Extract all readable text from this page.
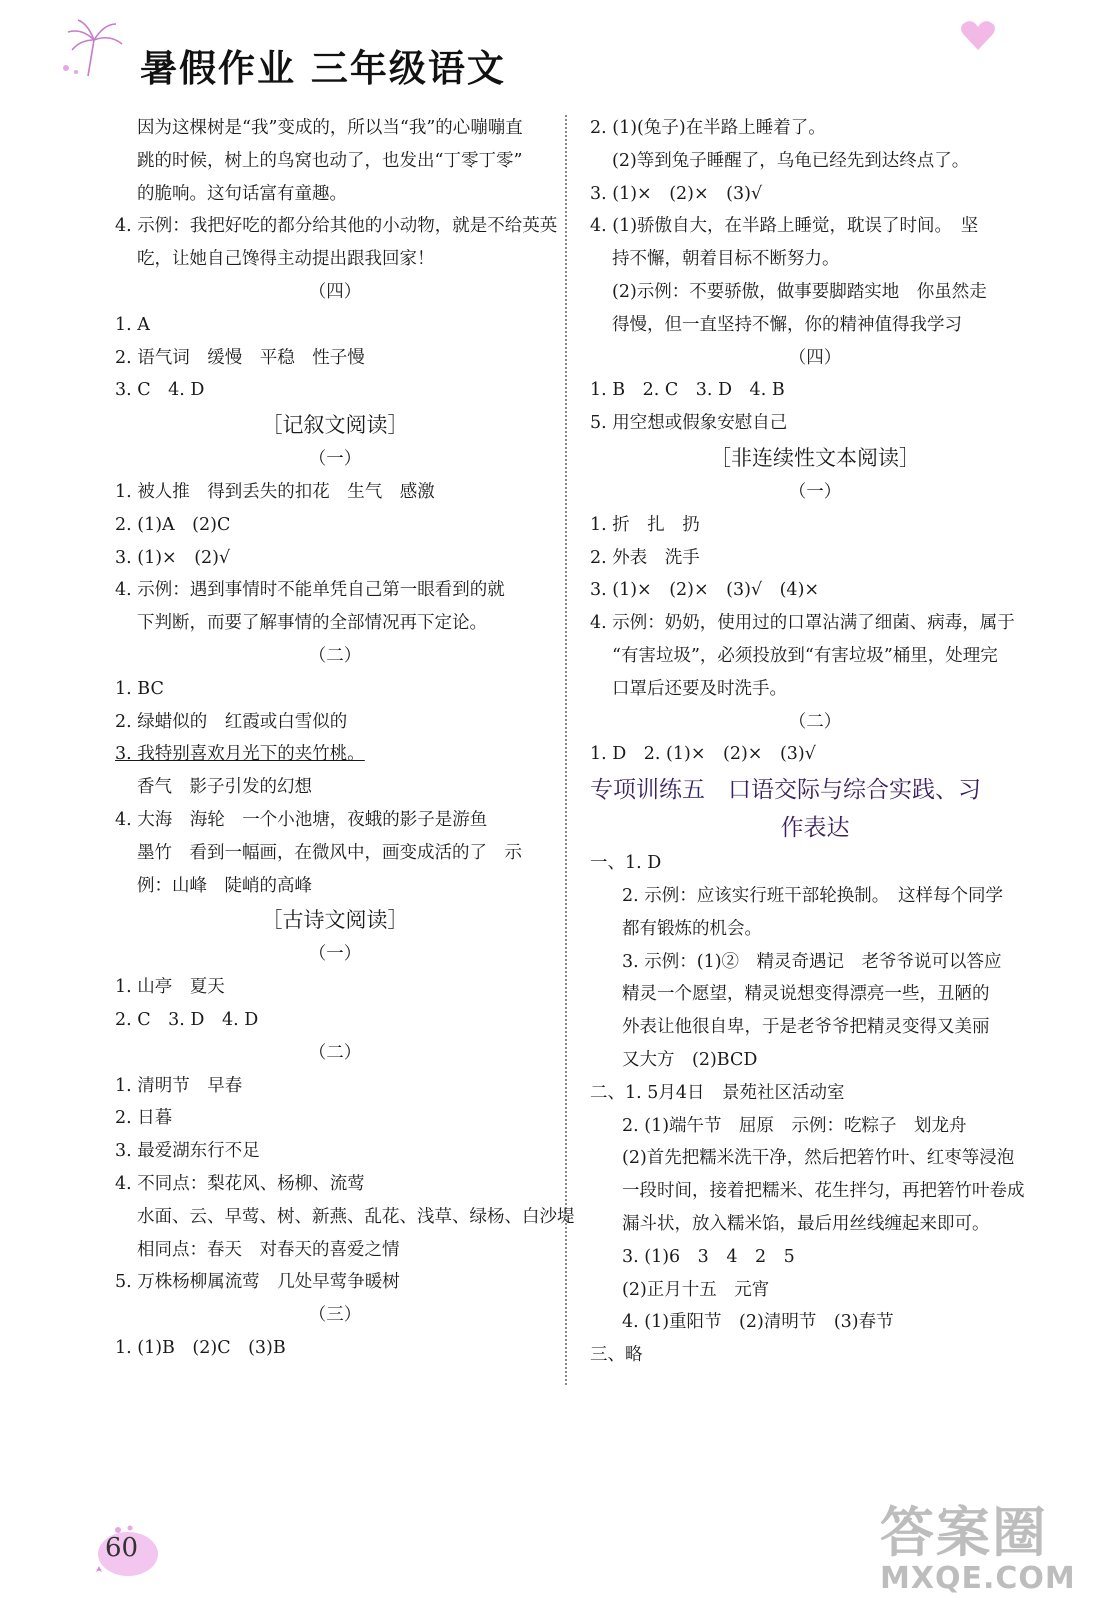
暑假作业 三年级语文
因为这棵树是“我”变成的，所以当“我”的心嘣嘣直
跳的时候，树上的鸟窝也动了，也发出“丁零丁零”
的脆响。这句话富有童趣。
4. 示例：我把好吃的都分给其他的小动物，就是不给英英
吃，让她自己馋得主动提出跟我回家！
（四）
1. A
2. 语气词　缓慢　平稳　性子慢
3. C　4. D
［记叙文阅读］
（一）
1. 被人推　得到丢失的扣花　生气　感激
2. (1)A　(2)C
3. (1)×　(2)√
4. 示例：遇到事情时不能单凭自己第一眼看到的就
下判断，而要了解事情的全部情况再下定论。
（二）
1. BC
2. 绿蜡似的　红霞或白雪似的
3. 我特别喜欢月光下的夹竹桃。
香气　影子引发的幻想
4. 大海　海轮　一个小池塘，夜蛾的影子是游鱼
墨竹　看到一幅画，在微风中，画变成活的了　示
例：山峰　陡峭的高峰
［古诗文阅读］
（一）
1. 山亭　夏天
2. C　3. D　4. D
（二）
1. 清明节　早春
2. 日暮
3. 最爱湖东行不足
4. 不同点：梨花风、杨柳、流莺
水面、云、早莺、树、新燕、乱花、浅草、绿杨、白沙堤
相同点：春天　对春天的喜爱之情
5. 万株杨柳属流莺　几处早莺争暖树
（三）
1. (1)B　(2)C　(3)B
2. (1)(兔子)在半路上睡着了。
(2)等到兔子睡醒了，乌龟已经先到达终点了。
3. (1)×　(2)×　(3)√
4. (1)骄傲自大，在半路上睡觉，耽误了时间。　坚
持不懈，朝着目标不断努力。
(2)示例：不要骄傲，做事要脚踏实地　你虽然走
得慢，但一直坚持不懈，你的精神值得我学习
（四）
1. B　2. C　3. D　4. B
5. 用空想或假象安慰自己
［非连续性文本阅读］
（一）
1. 折　扎　扔
2. 外表　洗手
3. (1)×　(2)×　(3)√　(4)×
4. 示例：奶奶，使用过的口罩沾满了细菌、病毒，属于
“有害垃圾”，必须投放到“有害垃圾”桶里，处理完
口罩后还要及时洗手。
（二）
1. D　2. (1)×　(2)×　(3)√
专项训练五　口语交际与综合实践、习
作表达
一、1. D
2. 示例：应该实行班干部轮换制。　这样每个同学
都有锻炼的机会。
3. 示例：(1)②　精灵奇遇记　老爷爷说可以答应
精灵一个愿望，精灵说想变得漂亮一些，丑陋的
外表让他很自卑，于是老爷爷把精灵变得又美丽
又大方　(2)BCD
二、1. 5月4日　景苑社区活动室
2. (1)端午节　屈原　示例：吃粽子　划龙舟
(2)首先把糯米洗干净，然后把箬竹叶、红枣等浸泡
一段时间，接着把糯米、花生拌匀，再把箬竹叶卷成
漏斗状，放入糯米馅，最后用丝线缠起来即可。
3. (1)6　3　4　2　5
(2)正月十五　元宵
4. (1)重阳节　(2)清明节　(3)春节
三、略
60	答案圈
MXQE.COM
